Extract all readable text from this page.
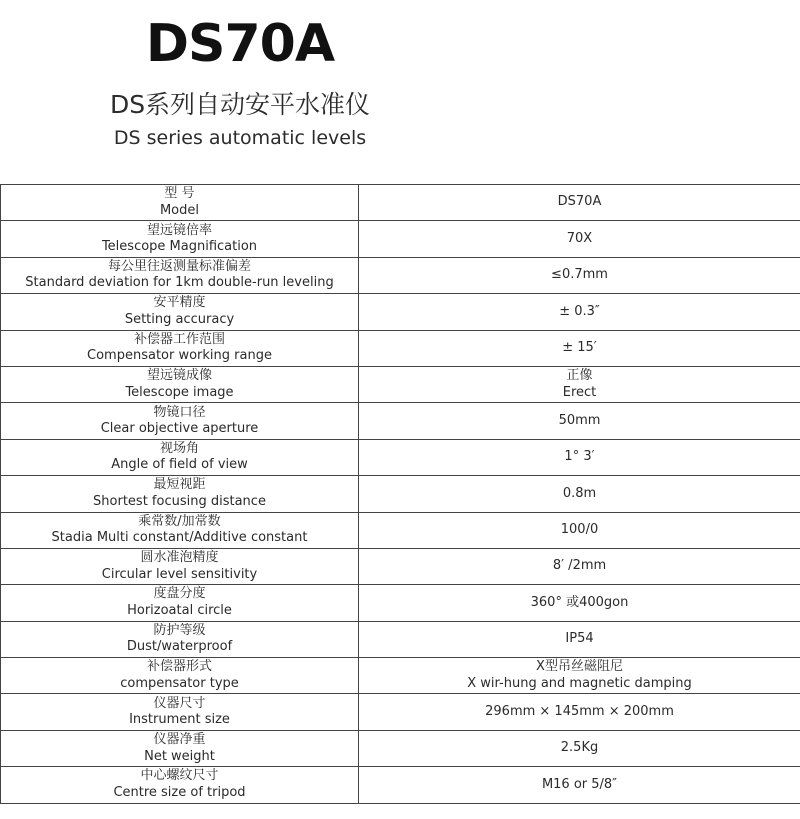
DS70A
DS系列自动安平水准仪
DS series automatic levels
型 号
Model	DS70A

望远镜倍率
Telescope Magnification	70X

每公里往返测量标准偏差
Standard deviation for 1km double-run leveling	≤0.7mm

安平精度
Setting accuracy	± 0.3″

补偿器工作范围
Compensator working range	± 15′

望远镜成像
Telescope image	正像
Erect

物镜口径
Clear objective aperture	50mm

视场角
Angle of field of view	1° 3′

最短视距
Shortest focusing distance	0.8m

乘常数/加常数
Stadia Multi constant/Additive constant	100/0

圆水准泡精度
Circular level sensitivity	8′ /2mm

度盘分度
Horizoatal circle	360° 或400gon

防护等级
Dust/waterproof	IP54

补偿器形式
compensator type	X型吊丝磁阻尼
X wir-hung and magnetic damping

仪器尺寸
Instrument size	296mm × 145mm × 200mm

仪器净重
Net weight	2.5Kg

中心螺纹尺寸
Centre size of tripod	M16 or 5/8″
